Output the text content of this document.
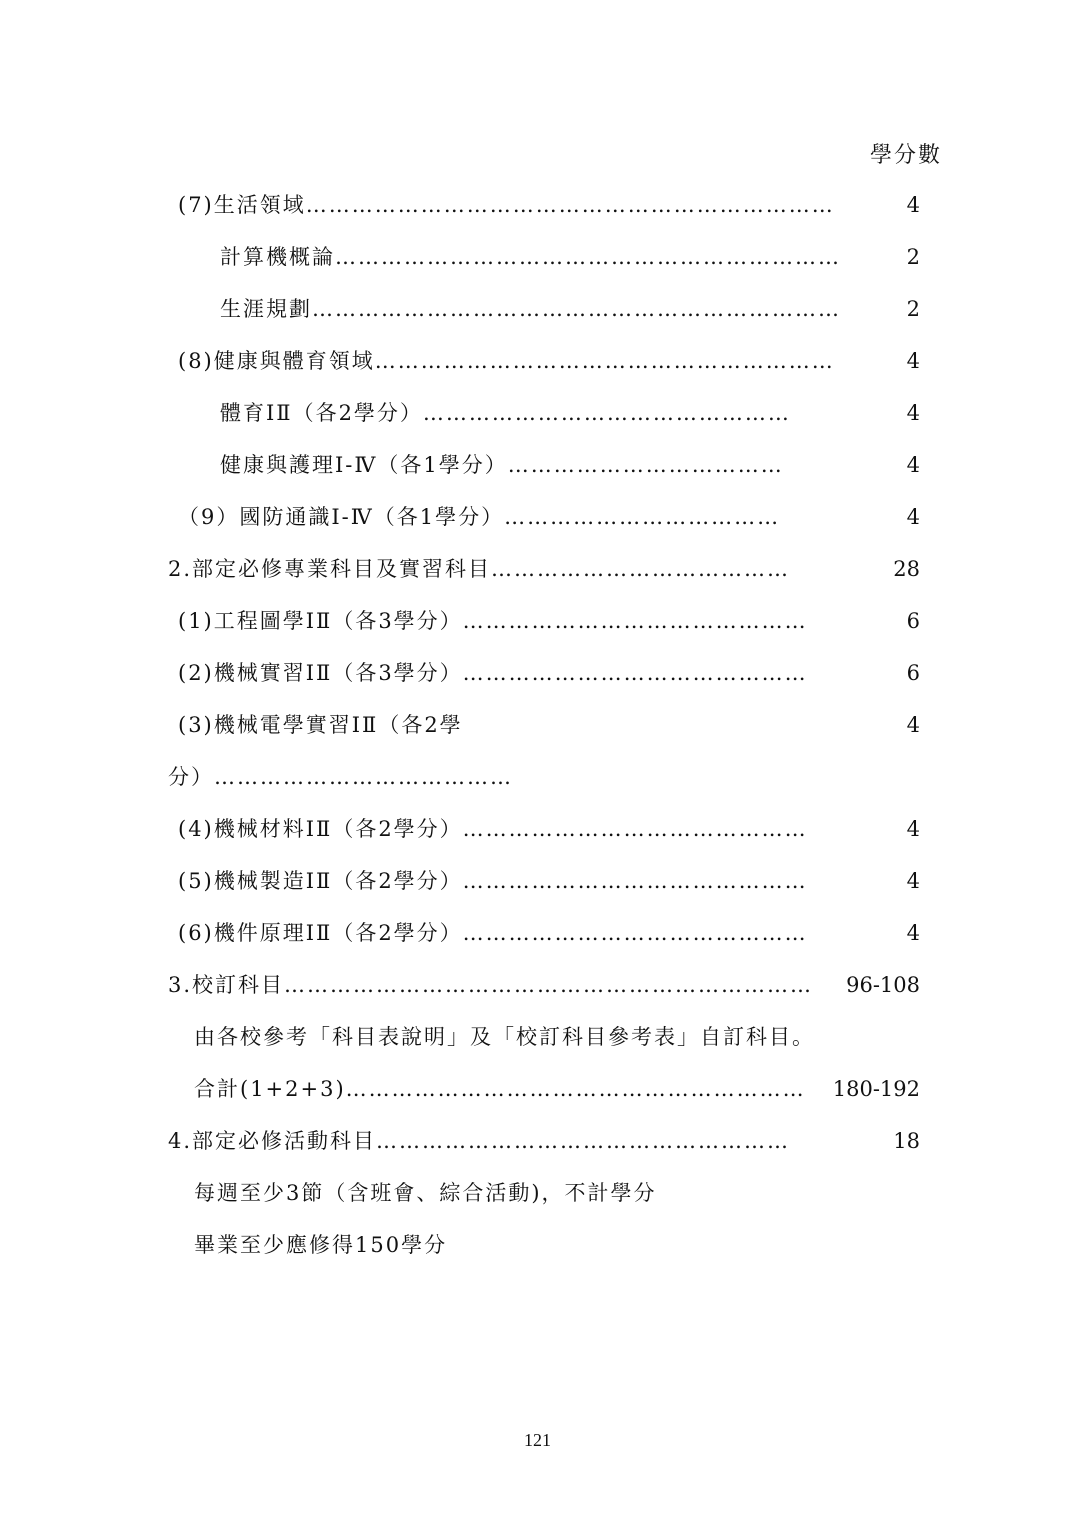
學分數
(7)生活領域……………………………………………………………	4
計算機概論…………………………………………………………	2
生涯規劃……………………………………………………………	2
(8)健康與體育領域……………………………………………………	4
體育ⅠⅡ（各2學分）…………………………………………	4
健康與護理Ⅰ-Ⅳ（各1學分）………………………………	4
（9）國防通識Ⅰ-Ⅳ（各1學分）………………………………	4
2.部定必修專業科目及實習科目…………………………………	28
(1)工程圖學ⅠⅡ（各3學分）………………………………………	6
(2)機械實習ⅠⅡ（各3學分）………………………………………	6
(3)機械電學實習ⅠⅡ（各2學	4
分）…………………………………
(4)機械材料ⅠⅡ（各2學分）………………………………………	4
(5)機械製造ⅠⅡ（各2學分）………………………………………	4
(6)機件原理ⅠⅡ（各2學分）………………………………………	4
3.校訂科目……………………………………………………………	96-108
由各校參考「科目表說明」及「校訂科目參考表」自訂科目。
合計(1+2+3)……………………………………………………	180-192
4.部定必修活動科目………………………………………………	18
每週至少3節（含班會、綜合活動)，不計學分
畢業至少應修得150學分
121
